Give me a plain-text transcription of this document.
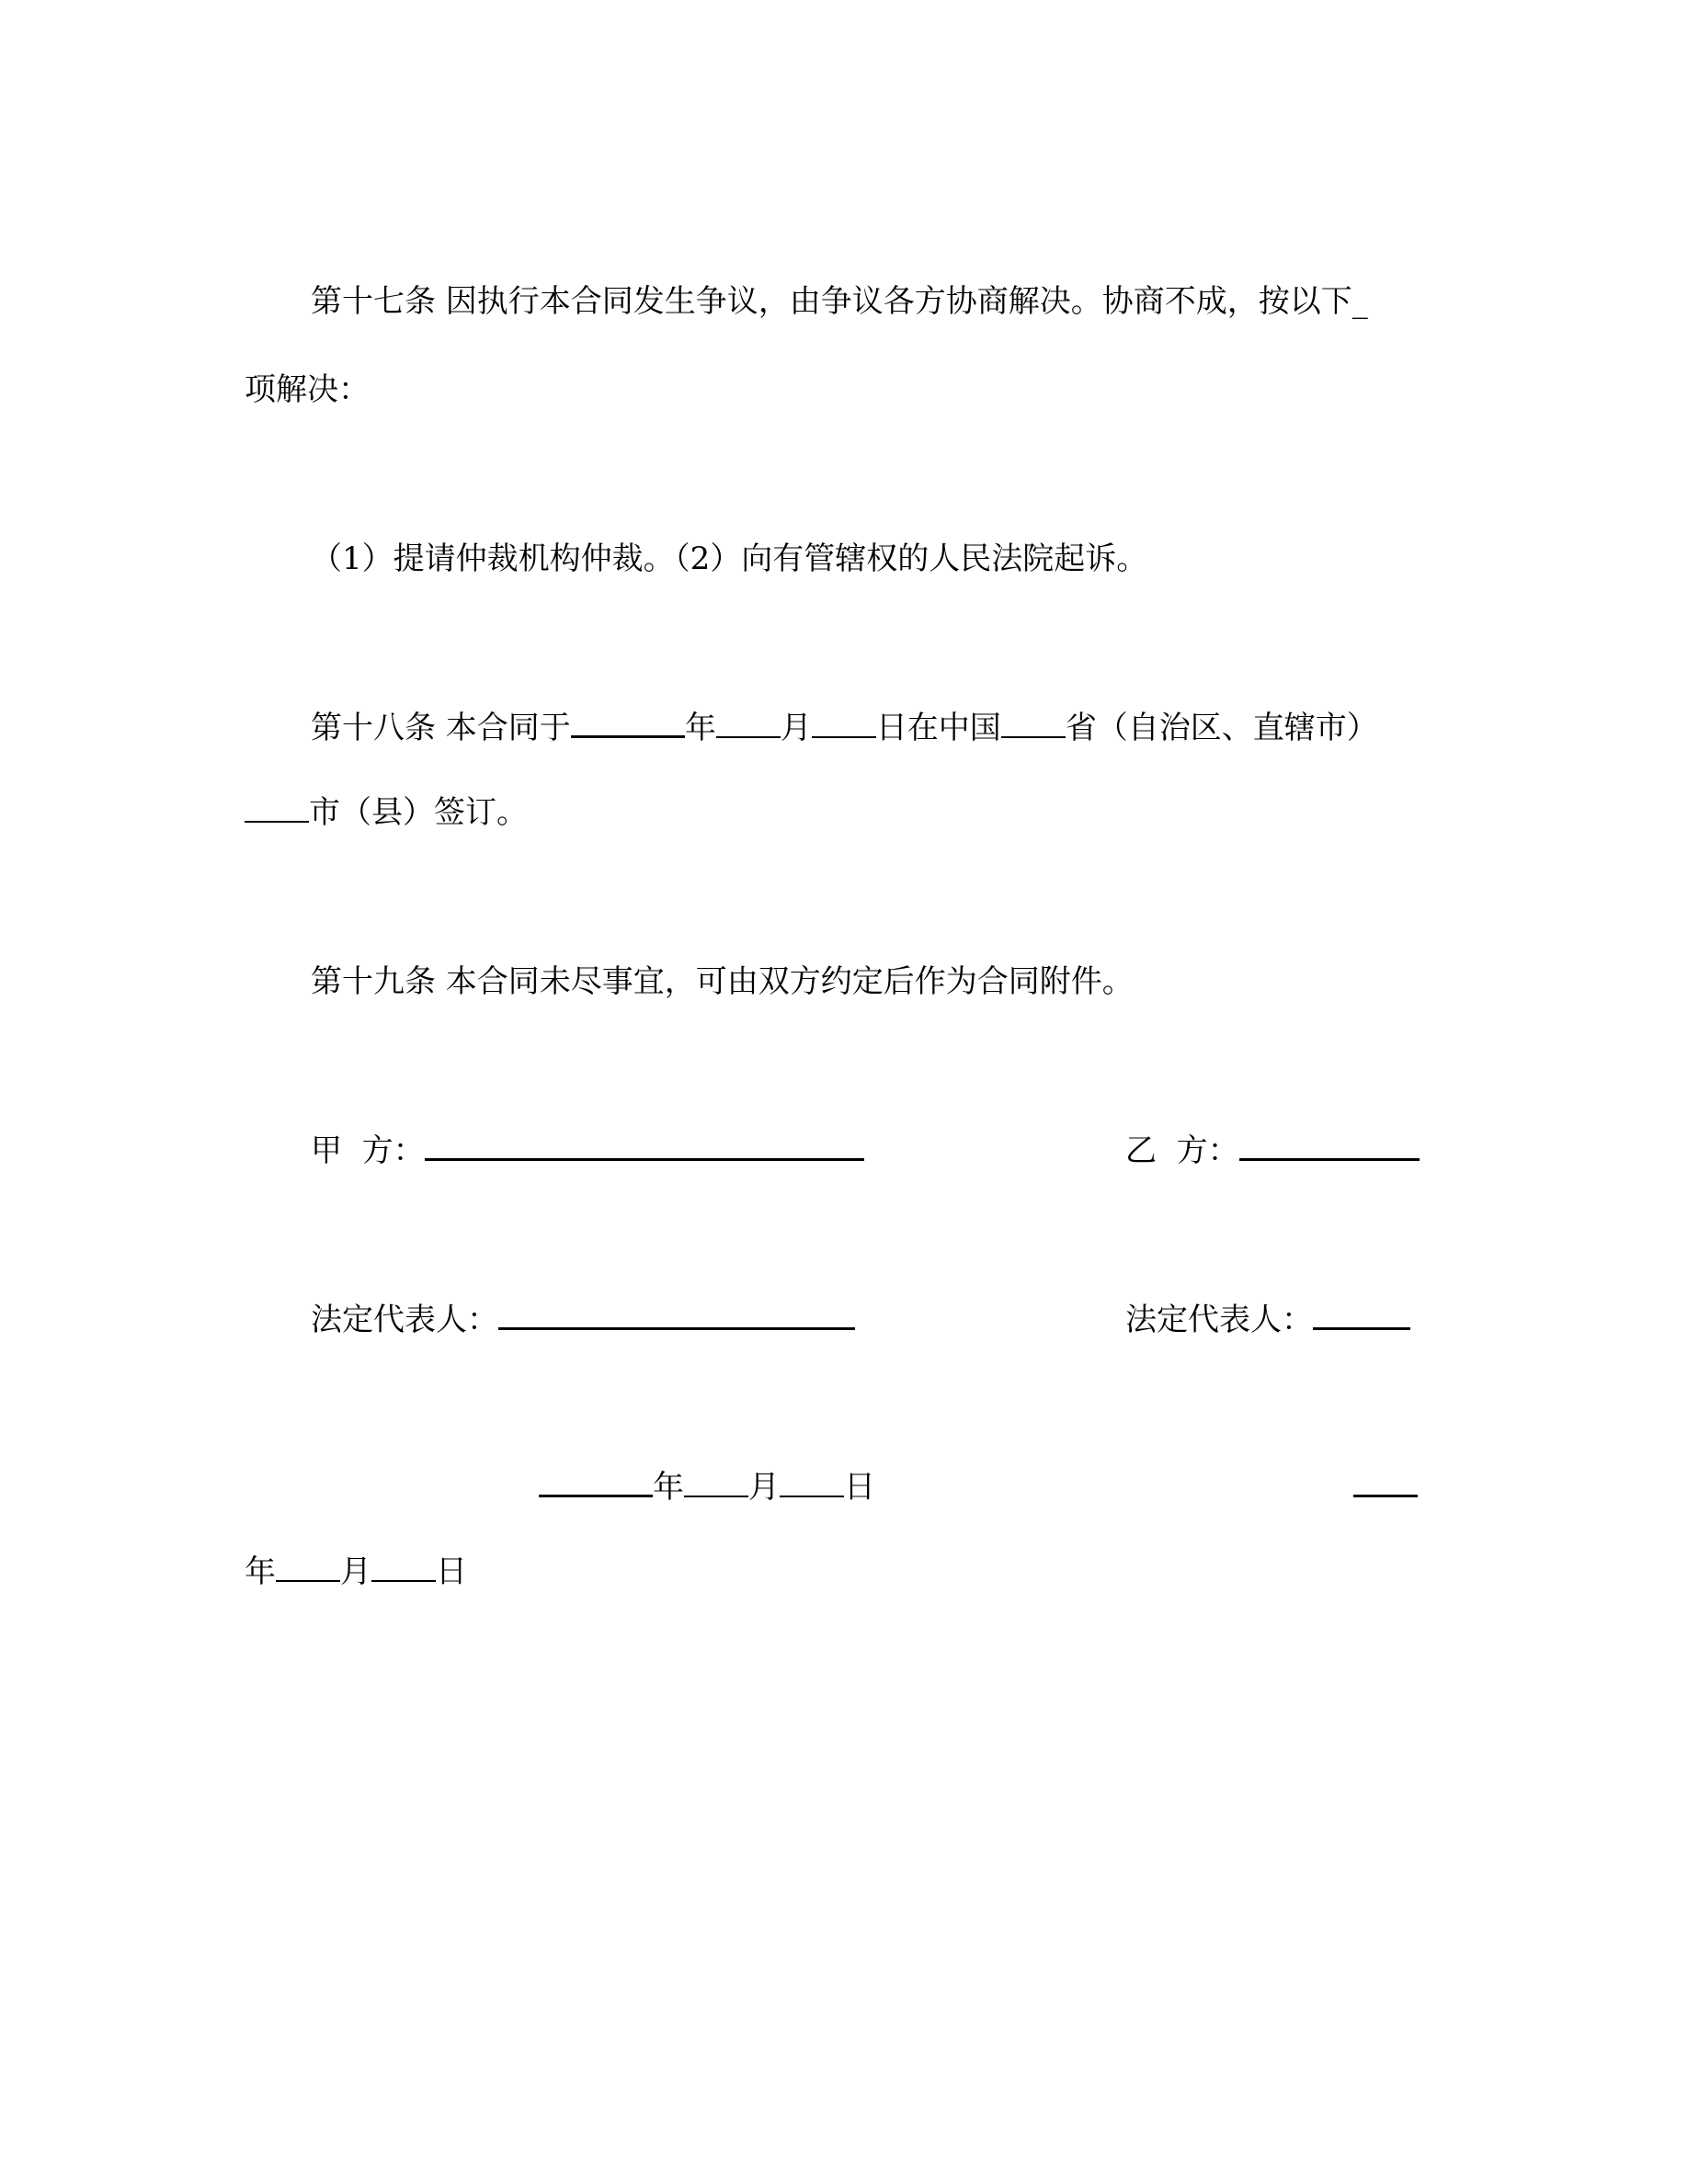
第十七条 因执行本合同发生争议，由争议各方协商解决。协商不成，按以下_
项解决：
（1）提请仲裁机构仲裁。（2）向有管辖权的人民法院起诉。
第十八条 本合同于	年 月 日在中国 省（自治区、直辖市）
市（县）签订。
第十九条 本合同未尽事宜，可由双方约定后作为合同附件。
甲  方：	乙  方：
法定代表人：	法定代表人：
年 月 日
年 月 日
